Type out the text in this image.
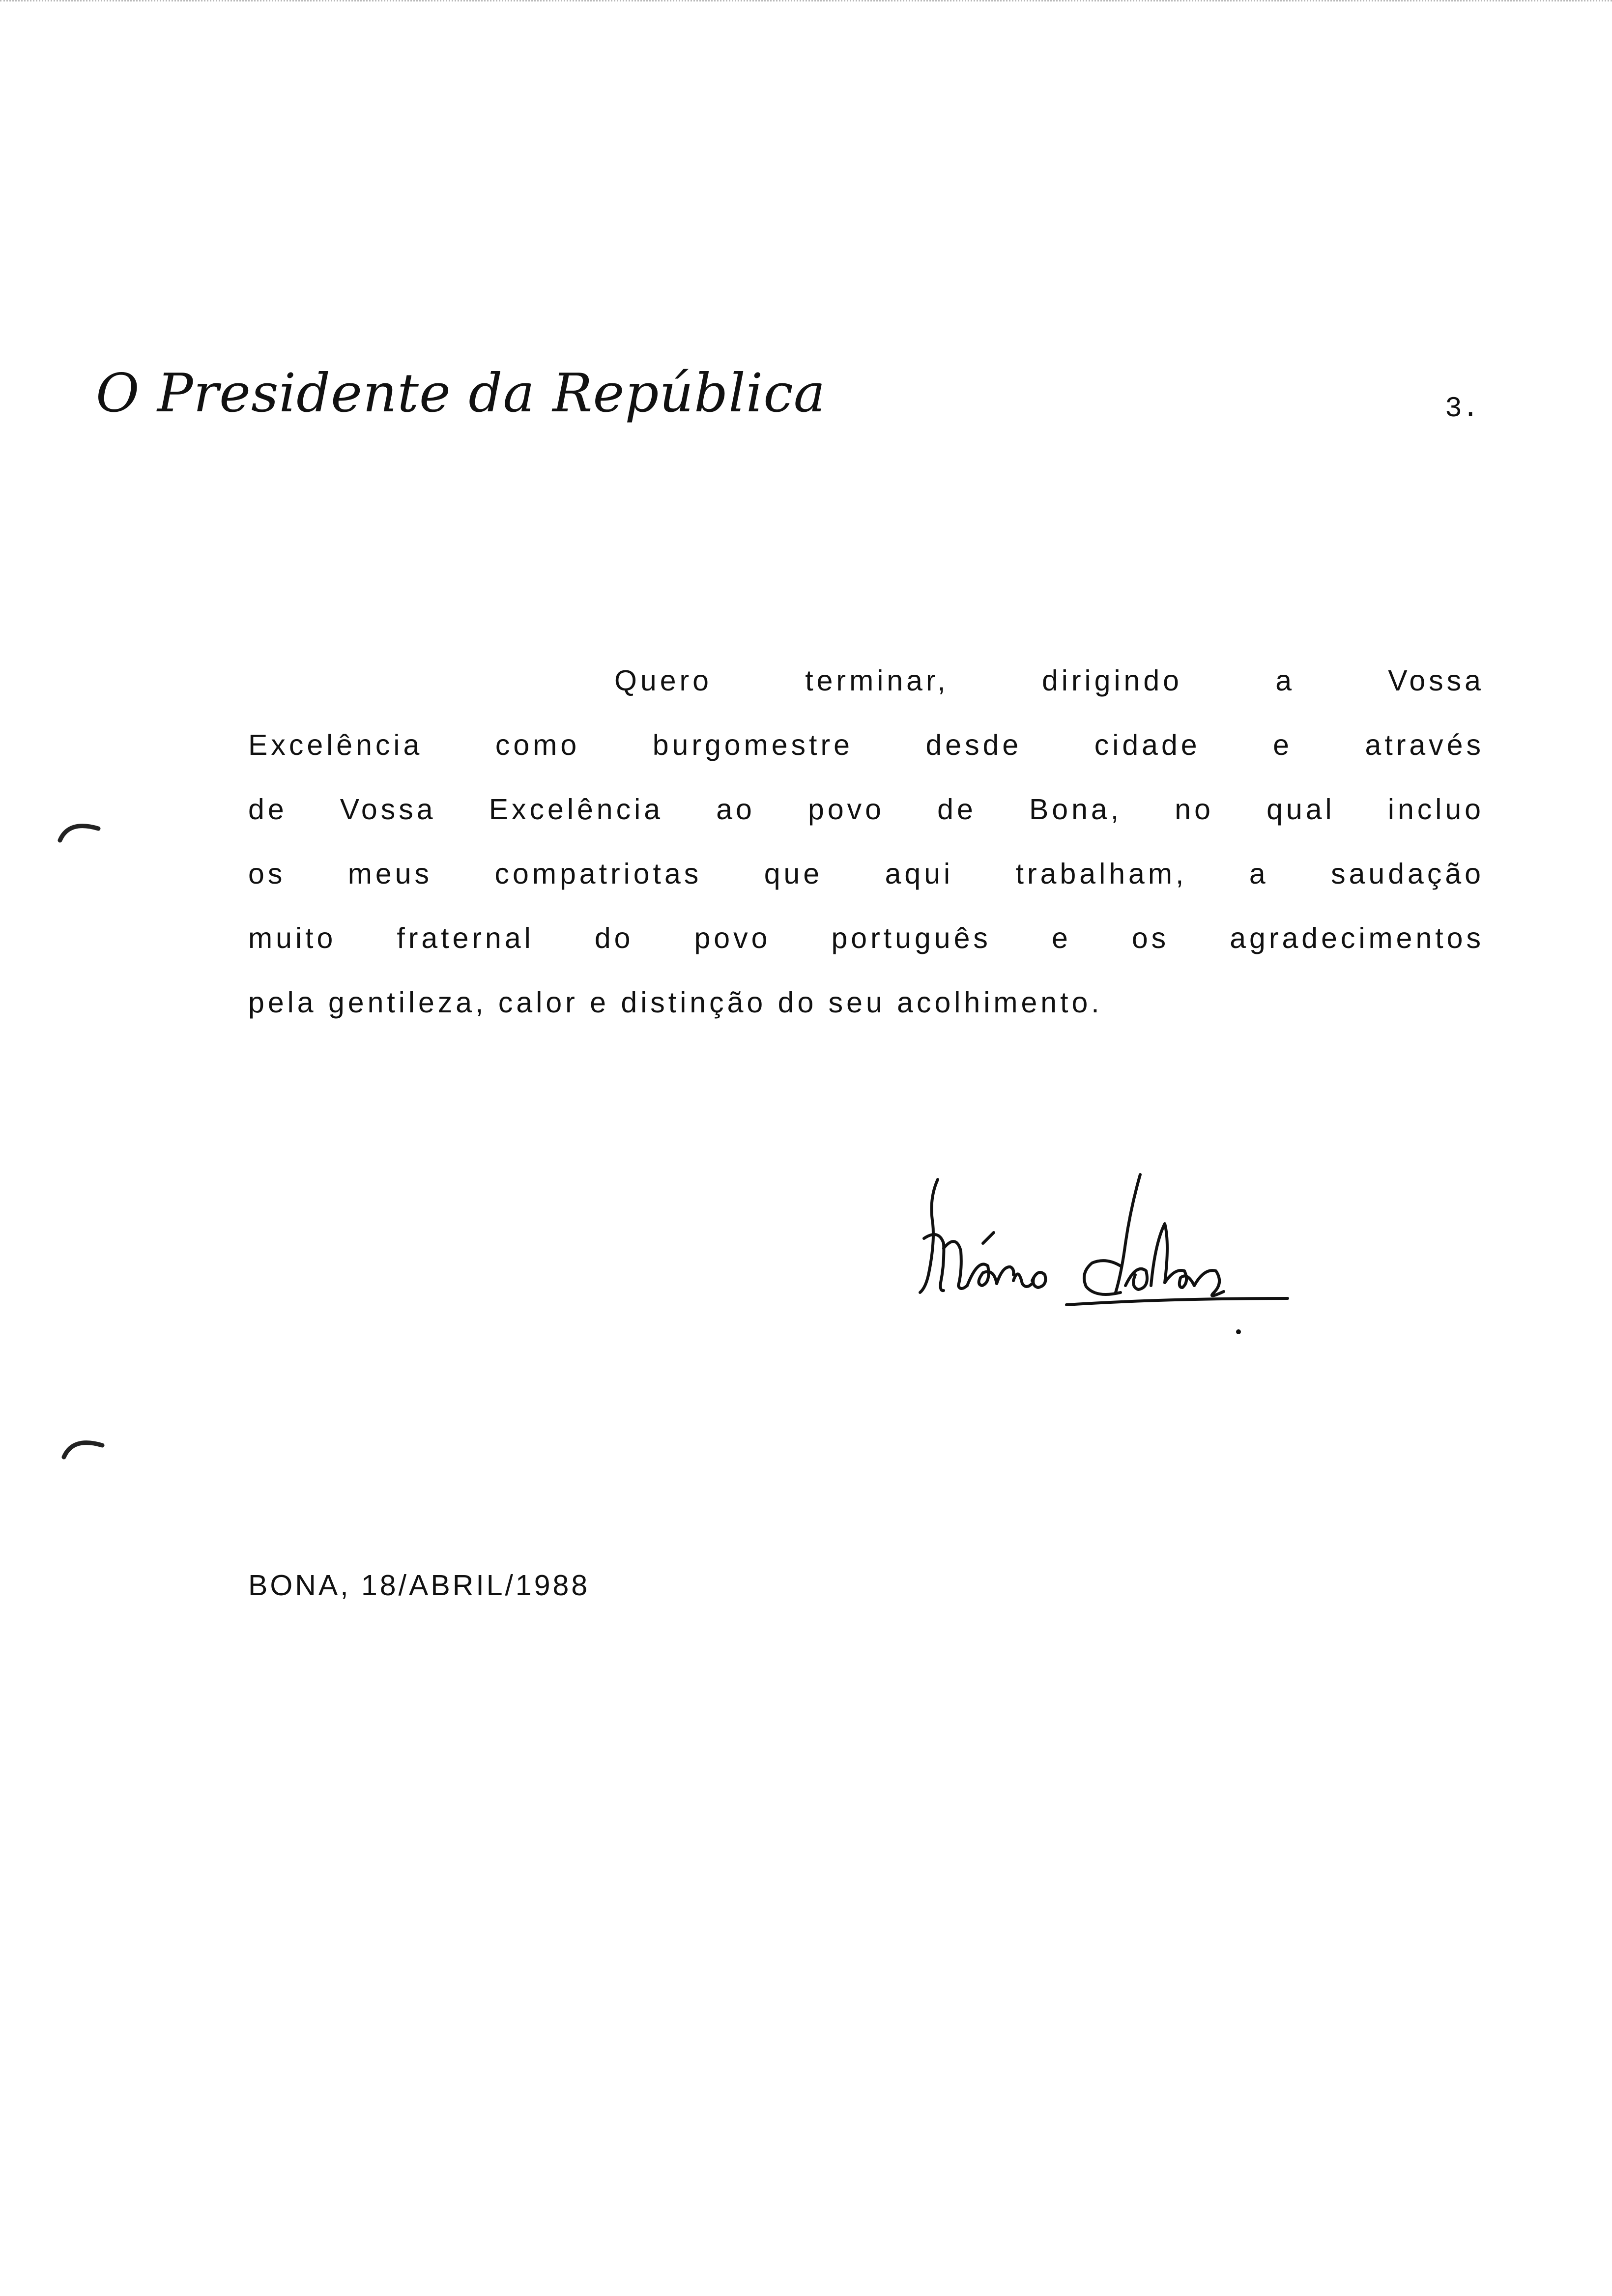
O Presidente da República	3.
Quero terminar, dirigindo a Vossa
Excelência como burgomestre desde cidade e através
de Vossa Excelência ao povo de Bona, no qual incluo
os meus compatriotas que aqui trabalham, a saudação
muito fraternal do povo português e os agradecimentos
pela gentileza, calor e distinção do seu acolhimento.
BONA, 18/ABRIL/1988
